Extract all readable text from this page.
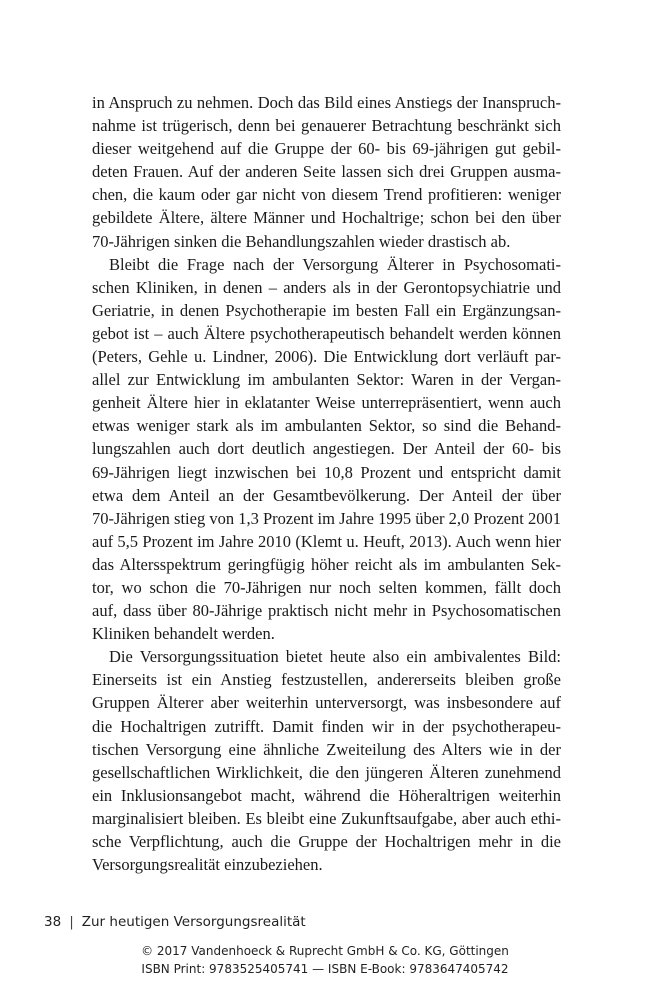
in Anspruch zu nehmen. Doch das Bild eines Anstiegs der Inanspruch-
nahme ist trügerisch, denn bei genauerer Betrachtung beschränkt sich
dieser weitgehend auf die Gruppe der 60- bis 69-jährigen gut gebil-
deten Frauen. Auf der anderen Seite lassen sich drei Gruppen ausma-
chen, die kaum oder gar nicht von diesem Trend profitieren: weniger
gebildete Ältere, ältere Männer und Hochaltrige; schon bei den über
70-Jährigen sinken die Behandlungszahlen wieder drastisch ab.
Bleibt die Frage nach der Versorgung Älterer in Psychosomati-
schen Kliniken, in denen – anders als in der Gerontopsychiatrie und
Geriatrie, in denen Psychotherapie im besten Fall ein Ergänzungsan-
gebot ist – auch Ältere psychotherapeutisch behandelt werden können
(Peters, Gehle u. Lindner, 2006). Die Entwicklung dort verläuft par-
allel zur Entwicklung im ambulanten Sektor: Waren in der Vergan-
genheit Ältere hier in eklatanter Weise unterrepräsentiert, wenn auch
etwas weniger stark als im ambulanten Sektor, so sind die Behand-
lungszahlen auch dort deutlich angestiegen. Der Anteil der 60- bis
69-Jährigen liegt inzwischen bei 10,8 Prozent und entspricht damit
etwa dem Anteil an der Gesamtbevölkerung. Der Anteil der über
70-Jährigen stieg von 1,3 Prozent im Jahre 1995 über 2,0 Prozent 2001
auf 5,5 Prozent im Jahre 2010 (Klemt u. Heuft, 2013). Auch wenn hier
das Altersspektrum geringfügig höher reicht als im ambulanten Sek-
tor, wo schon die 70-Jährigen nur noch selten kommen, fällt doch
auf, dass über 80-Jährige praktisch nicht mehr in Psychosomatischen
Kliniken behandelt werden.
Die Versorgungssituation bietet heute also ein ambivalentes Bild:
Einerseits ist ein Anstieg festzustellen, andererseits bleiben große
Gruppen Älterer aber weiterhin unterversorgt, was insbesondere auf
die Hochaltrigen zutrifft. Damit finden wir in der psychotherapeu-
tischen Versorgung eine ähnliche Zweiteilung des Alters wie in der
gesellschaftlichen Wirklichkeit, die den jüngeren Älteren zunehmend
ein Inklusionsangebot macht, während die Höheraltrigen weiterhin
marginalisiert bleiben. Es bleibt eine Zukunftsaufgabe, aber auch ethi-
sche Verpflichtung, auch die Gruppe der Hochaltrigen mehr in die
Versorgungsrealität einzubeziehen.
38 | Zur heutigen Versorgungsrealität
© 2017 Vandenhoeck & Ruprecht GmbH & Co. KG, Göttingen
ISBN Print: 9783525405741 — ISBN E-Book: 9783647405742
